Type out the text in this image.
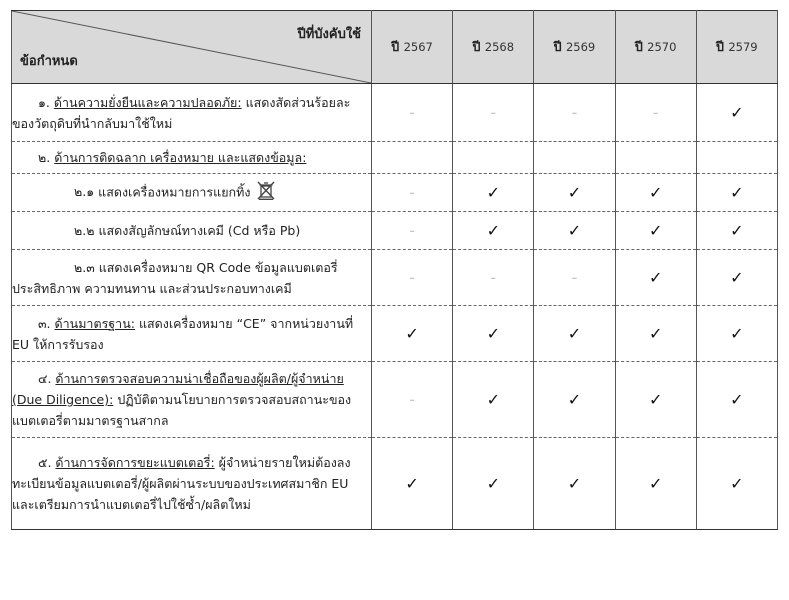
ปีที่บังคับใช้
ข้อกำหนด	ปี 2567	ปี 2568	ปี 2569	ปี 2570	ปี 2579
๑. ด้านความยั่งยืนและความปลอดภัย: แสดงสัดส่วนร้อยละของวัตถุดิบที่นำกลับมาใช้ใหม่	-	-	-	-	✓
๒. ด้านการติดฉลาก เครื่องหมาย และแสดงข้อมูล:					
๒.๑ แสดงเครื่องหมายการแยกทิ้ง	-	✓	✓	✓	✓
๒.๒ แสดงสัญลักษณ์ทางเคมี (Cd หรือ Pb)	-	✓	✓	✓	✓
๒.๓ แสดงเครื่องหมาย QR Code ข้อมูลแบตเตอรี่ประสิทธิภาพ ความทนทาน และส่วนประกอบทางเคมี	-	-	-	✓	✓
๓. ด้านมาตรฐาน: แสดงเครื่องหมาย “CE” จากหน่วยงานที่ EU ให้การรับรอง	✓	✓	✓	✓	✓
๔. ด้านการตรวจสอบความน่าเชื่อถือของผู้ผลิต/ผู้จำหน่าย (Due Diligence): ปฏิบัติตามนโยบายการตรวจสอบสถานะของแบตเตอรี่ตามมาตรฐานสากล	-	✓	✓	✓	✓
๕. ด้านการจัดการขยะแบตเตอรี่: ผู้จำหน่ายรายใหม่ต้องลงทะเบียนข้อมูลแบตเตอรี่/ผู้ผลิตผ่านระบบของประเทศสมาชิก EU และเตรียมการนำแบตเตอรี่ไปใช้ซ้ำ/ผลิตใหม่	✓	✓	✓	✓	✓
